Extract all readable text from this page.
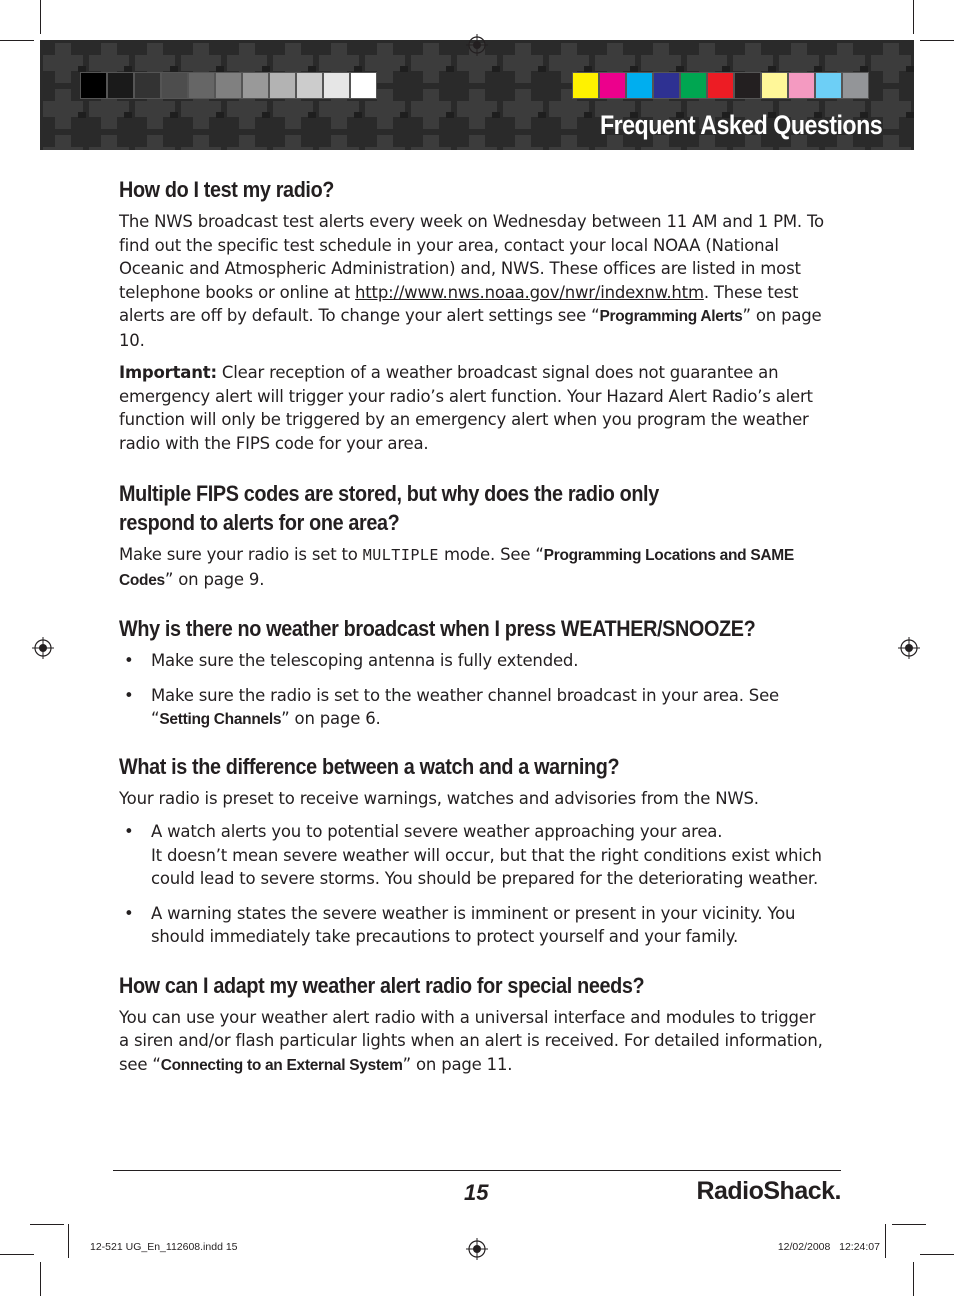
Frequent Asked Questions
How do I test my radio?

The NWS broadcast test alerts every week on Wednesday between 11 AM and 1 PM. To find out the specific test schedule in your area, contact your local NOAA (National Oceanic and Atmospheric Administration) and, NWS. These offices are listed in most telephone books or online at http://www.nws.noaa.gov/nwr/indexnw.htm. These test alerts are off by default. To change your alert settings see “Programming Alerts” on page 10.

Important: Clear reception of a weather broadcast signal does not guarantee an emergency alert will trigger your radio’s alert function. Your Hazard Alert Radio’s alert function will only be triggered by an emergency alert when you program the weather radio with the FIPS code for your area.

Multiple FIPS codes are stored, but why does the radio only
respond to alerts for one area?

Make sure your radio is set to MULTIPLE mode. See “Programming Locations and SAME Codes” on page 9.

Why is there no weather broadcast when I press WEATHER/SNOOZE?
• Make sure the telescoping antenna is fully extended.
• Make sure the radio is set to the weather channel broadcast in your area. See “Setting Channels” on page 6.
What is the difference between a watch and a warning?

Your radio is preset to receive warnings, watches and advisories from the NWS.

• A watch alerts you to potential severe weather approaching your area.
It doesn’t mean severe weather will occur, but that the right conditions exist which could lead to severe storms. You should be prepared for the deteriorating weather.
• A warning states the severe weather is imminent or present in your vicinity. You should immediately take precautions to protect yourself and your family.
How can I adapt my weather alert radio for special needs?

You can use your weather alert radio with a universal interface and modules to trigger a siren and/or flash particular lights when an alert is received. For detailed information, see “Connecting to an External System” on page 11.

15	RadioShack.
12-521 UG_En_112608.indd 15	12/02/2008   12:24:07
